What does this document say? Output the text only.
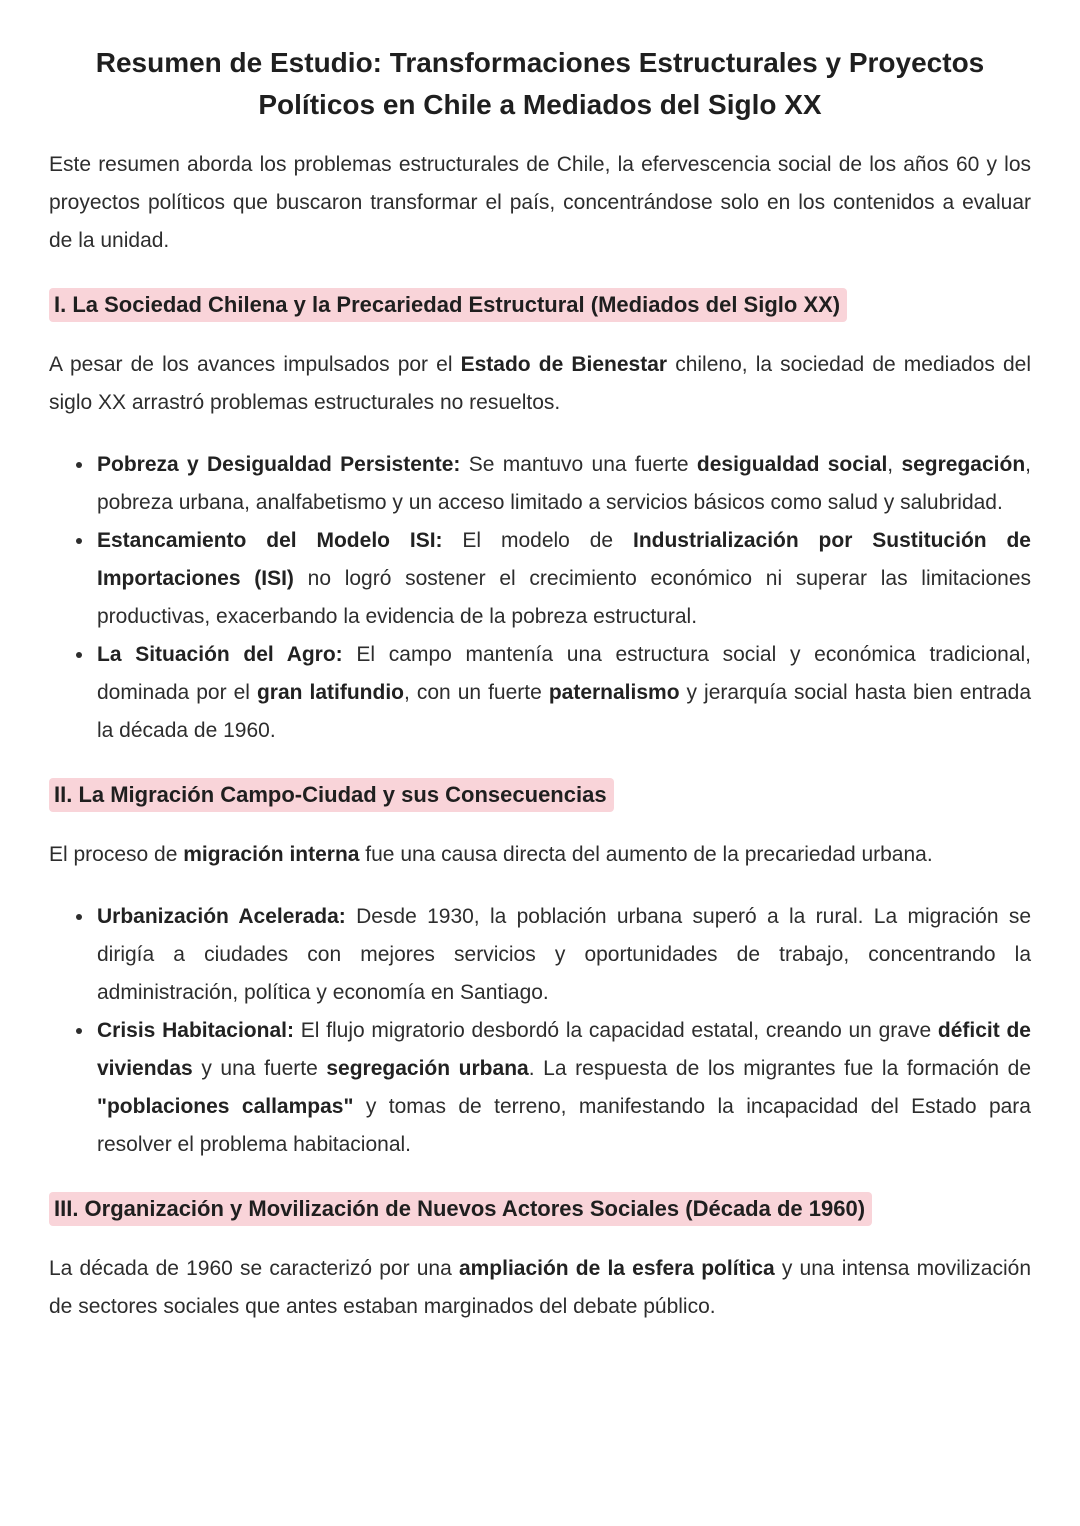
Resumen de Estudio: Transformaciones Estructurales y Proyectos
Políticos en Chile a Mediados del Siglo XX

Este resumen aborda los problemas estructurales de Chile, la efervescencia social de los años 60 y los proyectos políticos que buscaron transformar el país, concentrándose solo en los contenidos a evaluar de la unidad.

I. La Sociedad Chilena y la Precariedad Estructural (Mediados del Siglo XX)

A pesar de los avances impulsados por el Estado de Bienestar chileno, la sociedad de mediados del siglo XX arrastró problemas estructurales no resueltos.

• Pobreza y Desigualdad Persistente: Se mantuvo una fuerte desigualdad social, segregación, pobreza urbana, analfabetismo y un acceso limitado a servicios básicos como salud y salubridad.
• Estancamiento del Modelo ISI: El modelo de Industrialización por Sustitución de Importaciones (ISI) no logró sostener el crecimiento económico ni superar las limitaciones productivas, exacerbando la evidencia de la pobreza estructural.
• La Situación del Agro: El campo mantenía una estructura social y económica tradicional, dominada por el gran latifundio, con un fuerte paternalismo y jerarquía social hasta bien entrada la década de 1960.
II. La Migración Campo-Ciudad y sus Consecuencias

El proceso de migración interna fue una causa directa del aumento de la precariedad urbana.

• Urbanización Acelerada: Desde 1930, la población urbana superó a la rural. La migración se dirigía a ciudades con mejores servicios y oportunidades de trabajo, concentrando la administración, política y economía en Santiago.
• Crisis Habitacional: El flujo migratorio desbordó la capacidad estatal, creando un grave déficit de viviendas y una fuerte segregación urbana. La respuesta de los migrantes fue la formación de "poblaciones callampas" y tomas de terreno, manifestando la incapacidad del Estado para resolver el problema habitacional.
III. Organización y Movilización de Nuevos Actores Sociales (Década de 1960)

La década de 1960 se caracterizó por una ampliación de la esfera política y una intensa movilización de sectores sociales que antes estaban marginados del debate público.
